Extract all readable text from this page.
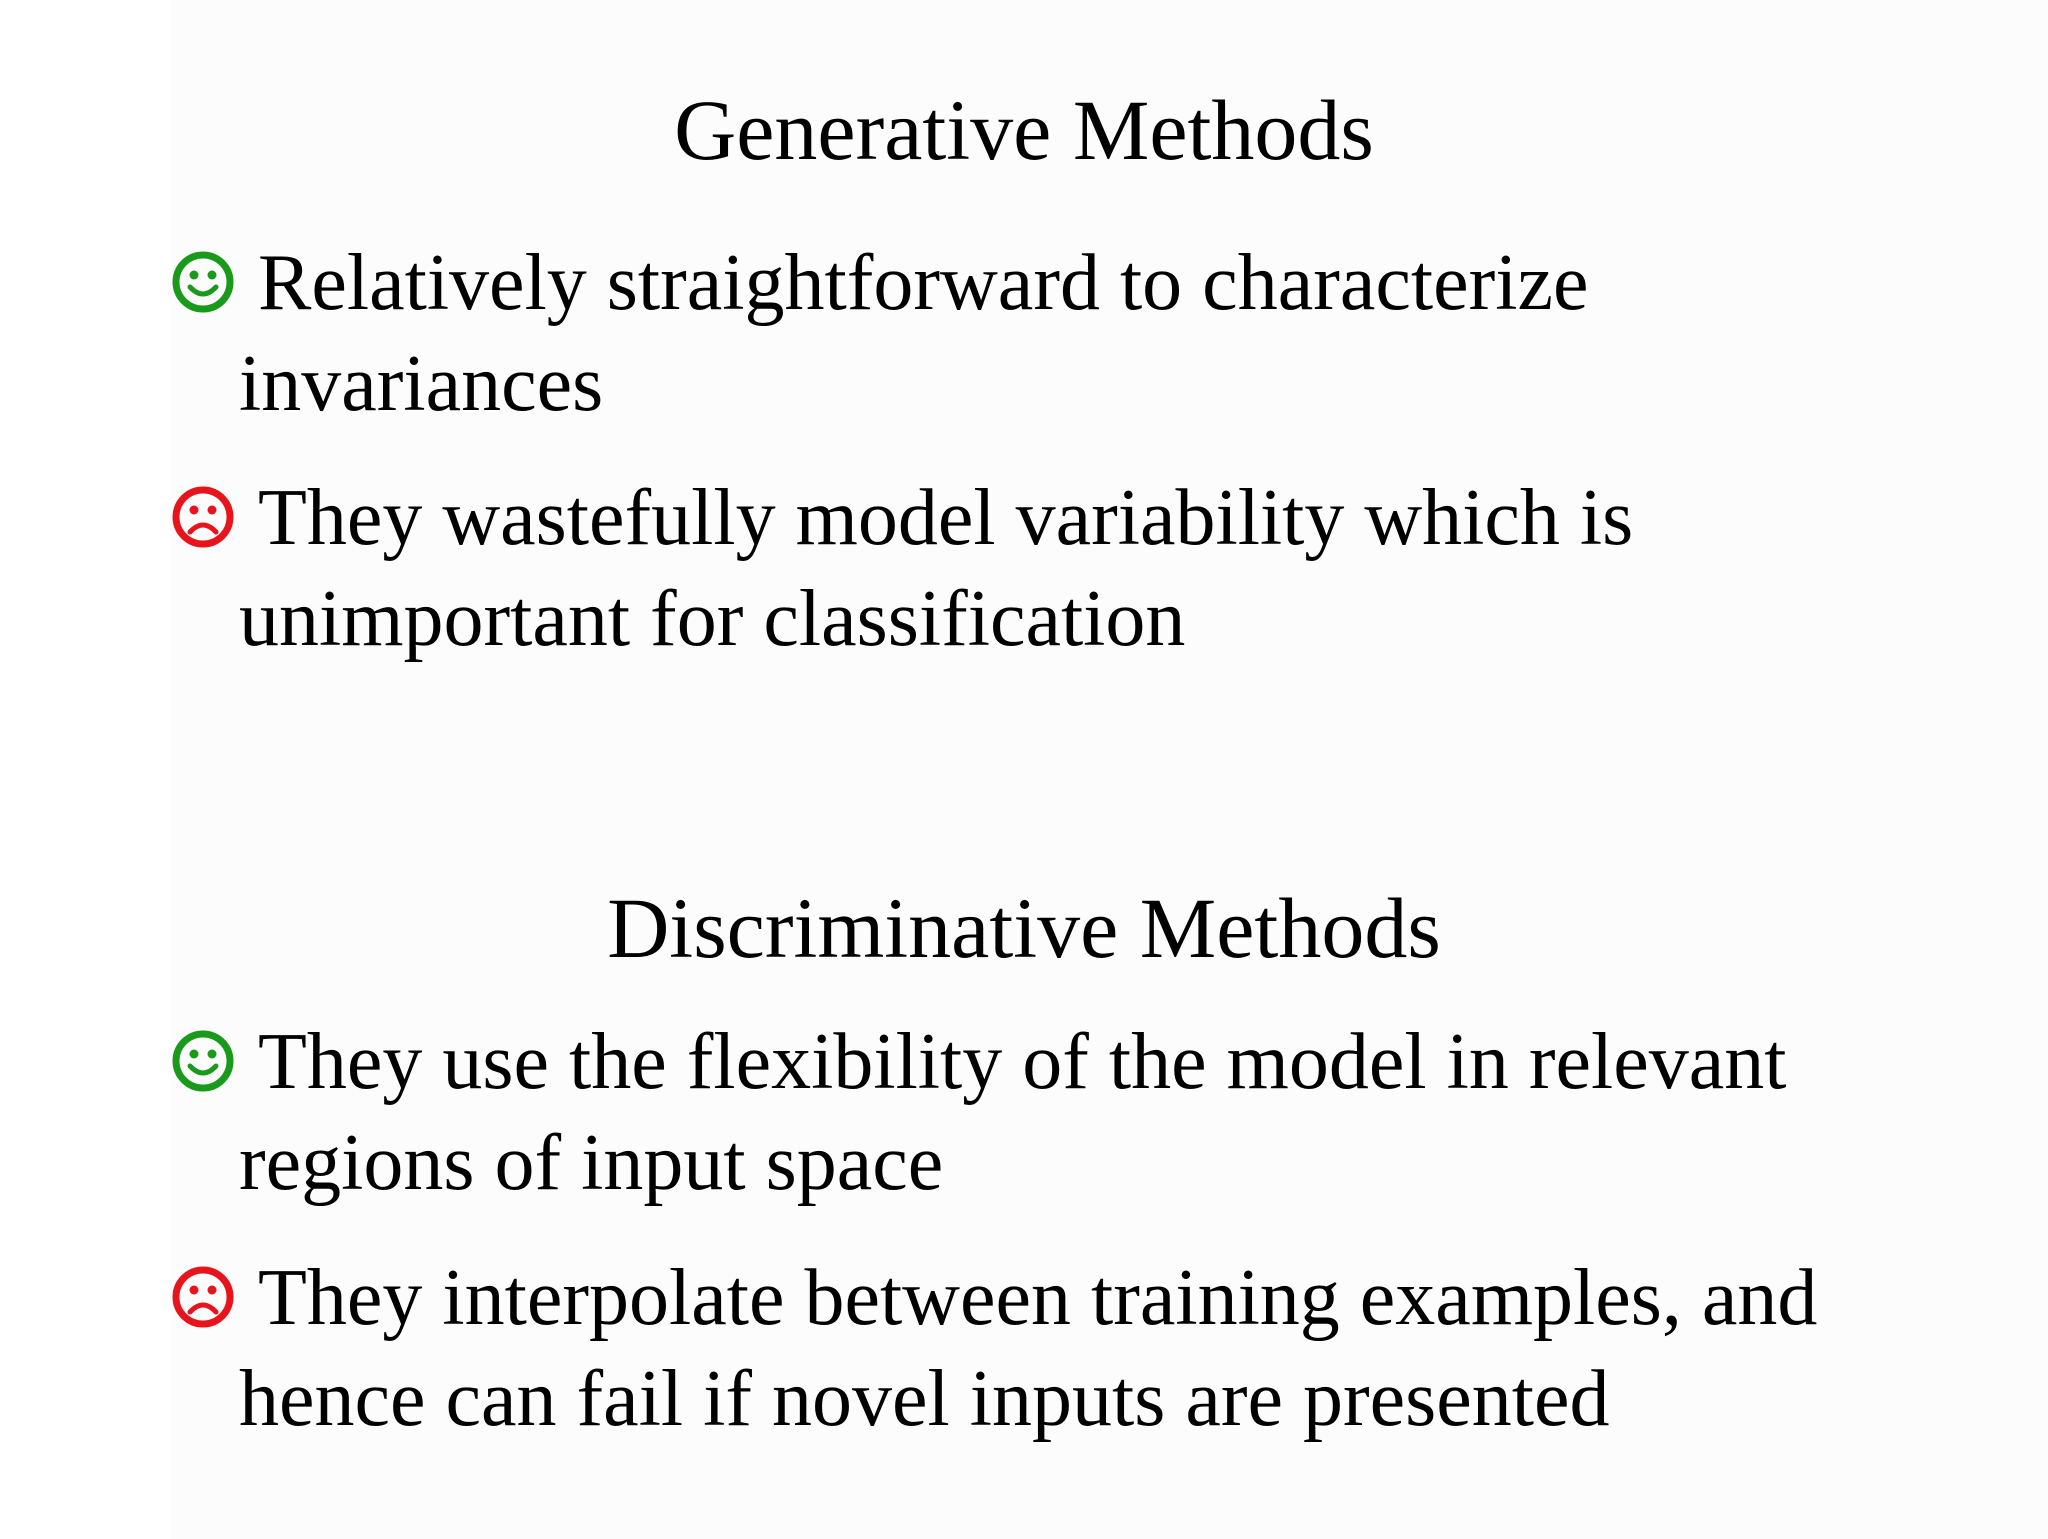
Generative Methods
Relatively straightforward to characterize
invariances
They wastefully model variability which is
unimportant for classification
Discriminative Methods
They use the flexibility of the model in relevant
regions of input space
They interpolate between training examples, and
hence can fail if novel inputs are presented
